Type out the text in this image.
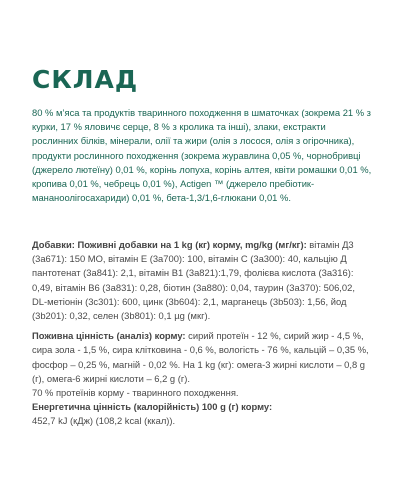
СКЛАД

80 % м’яса та продуктів тваринного походження в шматочках (зокрема 21 % з курки, 17 % яловичє серце, 8 % з кролика та інші), злаки, екстракти рослинних білків, мінерали, олії та жири (олія з лосося, олія з огірочника), продукти рослинного походження (зокрема журавлина 0,05 %, чорнобривці (джерело лютеїну) 0,01 %, корінь лопуха, корінь алтея, квіти ромашки 0,01 %, кропива 0,01 %, чебрець 0,01 %), Actigen ™ (джерело пребіотик-мананоолігосахариди) 0,01 %, бета-1,3/1,6-глюкани 0,01 %.

Добавки: Поживні добавки на 1 kg (кг) корму, mg/kg (мг/кг): вітамін Д3 (3a671): 150 МО, вітамін Е (3a700): 100, вітамін С (3a300): 40, кальцію Д пантотенат (3a841): 2,1, вітамін В1 (3a821):1,79, фолієва кислота (3a316): 0,49, вітамін В6 (3a831): 0,28, біотин (3a880): 0,04, таурин (3a370): 506,02, DL-метіонін (3c301): 600, цинк (3b604): 2,1, марганець (3b503): 1,56, йод (3b201): 0,32, селен (3b801): 0,1 µg (мкг).

Поживна цінність (аналіз) корму: сирий протеїн - 12 %, сирий жир - 4,5 %, сира зола - 1,5 %, сира клітковина - 0,6 %, вологість - 76 %, кальцій – 0,35 %, фосфор – 0,25 %, магній - 0,02 %. На 1 kg (кг): омега-3 жирні кислоти – 0,8 g (г), омега-6 жирні кислоти – 6,2 g (г).

70 % протеїнів корму - тваринного походження.

Енергетична цінність (калорійність) 100 g (г) корму:

452,7 kJ (кДж) (108,2 kcal (ккал)).
